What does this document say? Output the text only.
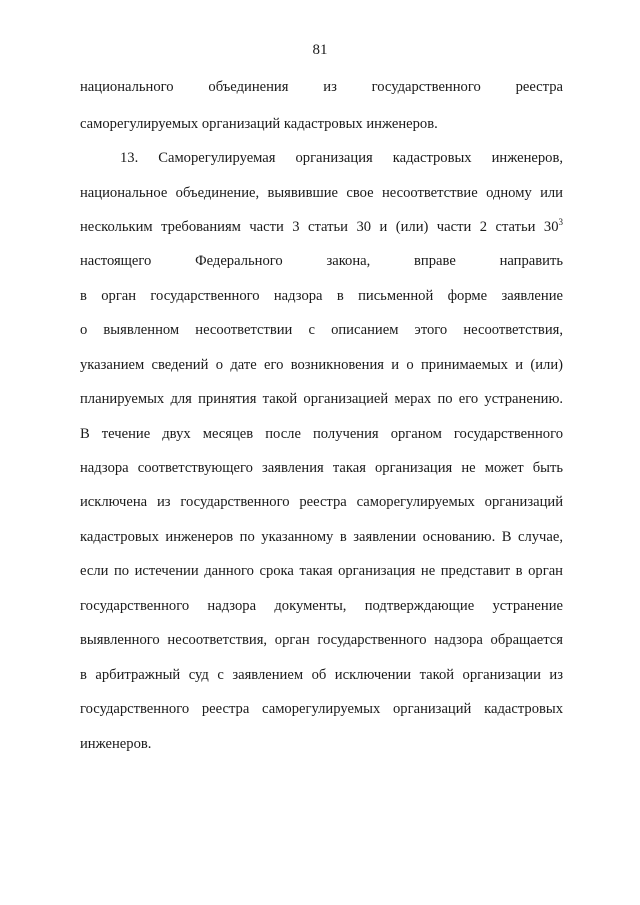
81
национального объединения из государственного реестра
саморегулируемых организаций кадастровых инженеров.
13. Саморегулируемая организация кадастровых инженеров,
национальное объединение, выявившие свое несоответствие одному или
нескольким требованиям части 3 статьи 30 и (или) части 2 статьи $30^3$
настоящего Федерального закона, вправе направить
в орган государственного надзора в письменной форме заявление
о выявленном несоответствии с описанием этого несоответствия,
указанием сведений о дате его возникновения и о принимаемых и (или)
планируемых для принятия такой организацией мерах по его устранению.
В течение двух месяцев после получения органом государственного
надзора соответствующего заявления такая организация не может быть
исключена из государственного реестра саморегулируемых организаций
кадастровых инженеров по указанному в заявлении основанию. В случае,
если по истечении данного срока такая организация не представит в орган
государственного надзора документы, подтверждающие устранение
выявленного несоответствия, орган государственного надзора обращается
в арбитражный суд с заявлением об исключении такой организации из
государственного реестра саморегулируемых организаций кадастровых
инженеров.
